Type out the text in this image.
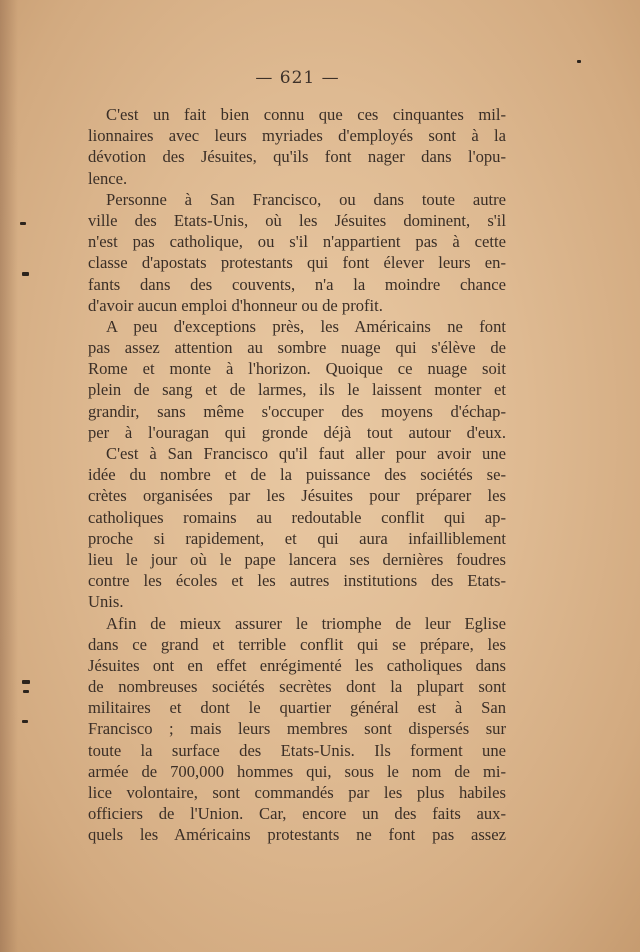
— 621 —
C'est un fait bien connu que ces cinquantes mil-
lionnaires avec leurs myriades d'employés sont à la
dévotion des Jésuites, qu'ils font nager dans l'opu-
lence.
Personne à San Francisco, ou dans toute autre
ville des Etats-Unis, où les Jésuites dominent, s'il
n'est pas catholique, ou s'il n'appartient pas à cette
classe d'apostats protestants qui font élever leurs en-
fants dans des couvents, n'a la moindre chance
d'avoir aucun emploi d'honneur ou de profit.
A peu d'exceptions près, les Américains ne font
pas assez attention au sombre nuage qui s'élève de
Rome et monte à l'horizon. Quoique ce nuage soit
plein de sang et de larmes, ils le laissent monter et
grandir, sans même s'occuper des moyens d'échap-
per à l'ouragan qui gronde déjà tout autour d'eux.
C'est à San Francisco qu'il faut aller pour avoir une
idée du nombre et de la puissance des sociétés se-
crètes organisées par les Jésuites pour préparer les
catholiques romains au redoutable conflit qui ap-
proche si rapidement, et qui aura infailliblement
lieu le jour où le pape lancera ses dernières foudres
contre les écoles et les autres institutions des Etats-
Unis.
Afin de mieux assurer le triomphe de leur Eglise
dans ce grand et terrible conflit qui se prépare, les
Jésuites ont en effet enrégimenté les catholiques dans
de nombreuses sociétés secrètes dont la plupart sont
militaires et dont le quartier général est à San
Francisco ; mais leurs membres sont dispersés sur
toute la surface des Etats-Unis. Ils forment une
armée de 700,000 hommes qui, sous le nom de mi-
lice volontaire, sont commandés par les plus habiles
officiers de l'Union. Car, encore un des faits aux-
quels les Américains protestants ne font pas assez
